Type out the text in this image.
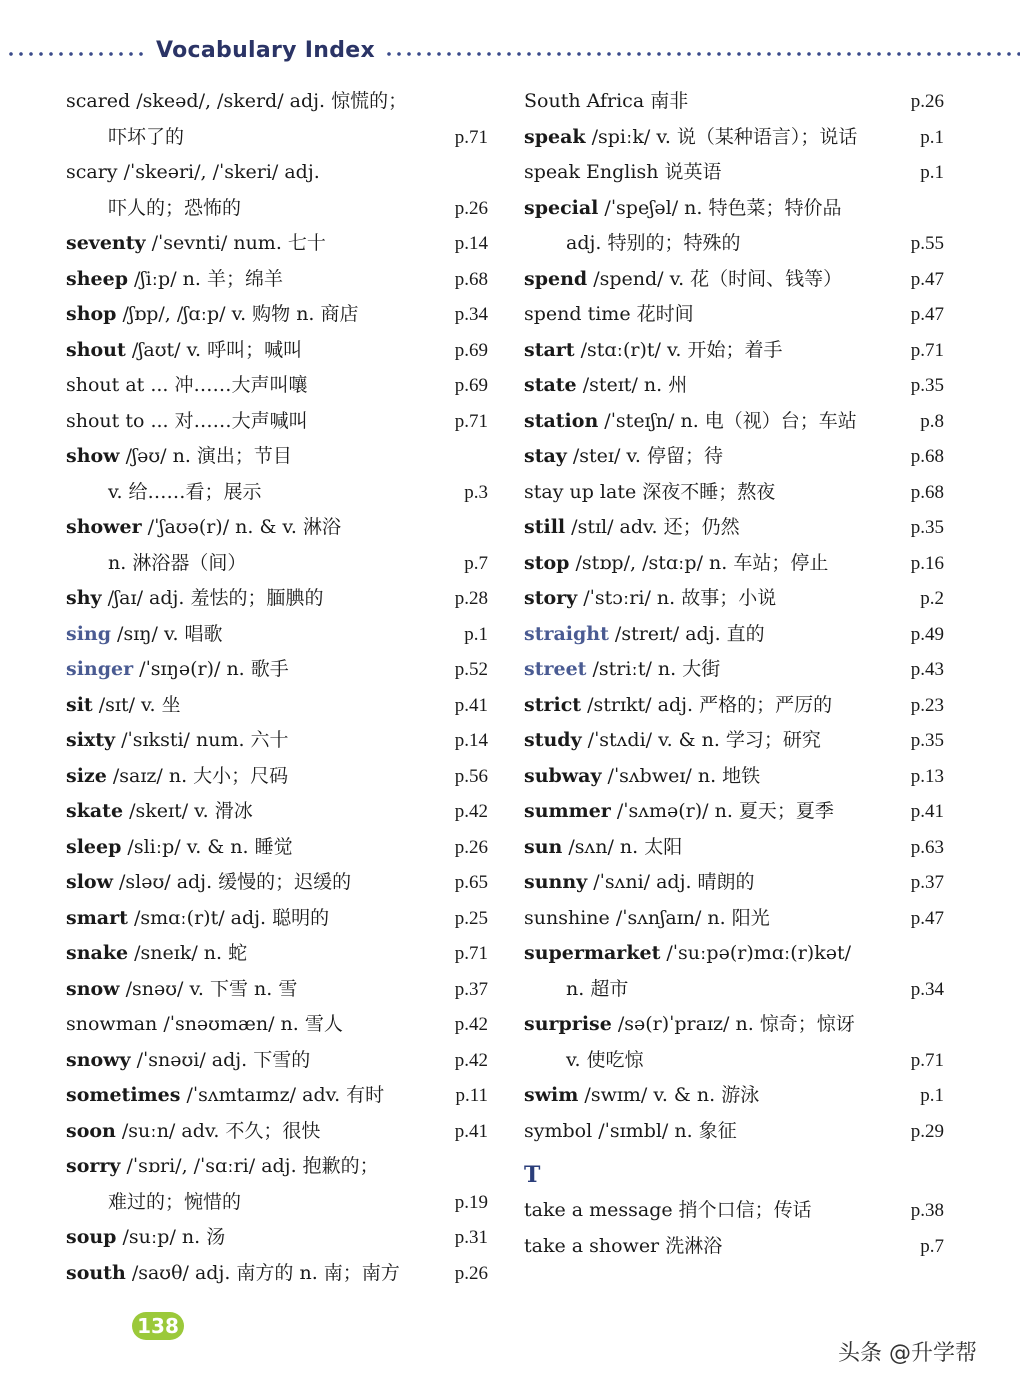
Vocabulary Index
scared /skeəd/, /skerd/ adj. 惊慌的；
吓坏了的	p.71
scary /ˈskeəri/, /ˈskeri/ adj.
吓人的；恐怖的	p.26
seventy /ˈsevnti/ num. 七十	p.14
sheep /ʃiːp/ n. 羊；绵羊	p.68
shop /ʃɒp/, /ʃɑːp/ v. 购物 n. 商店	p.34
shout /ʃaʊt/ v. 呼叫；喊叫	p.69
shout at ... 冲……大声叫嚷	p.69
shout to ... 对……大声喊叫	p.71
show /ʃəʊ/ n. 演出；节目
v. 给……看；展示	p.3
shower /ˈʃaʊə(r)/ n. & v. 淋浴
n. 淋浴器（间）	p.7
shy /ʃaɪ/ adj. 羞怯的；腼腆的	p.28
sing /sɪŋ/ v. 唱歌	p.1
singer /ˈsɪŋə(r)/ n. 歌手	p.52
sit /sɪt/ v. 坐	p.41
sixty /ˈsɪksti/ num. 六十	p.14
size /saɪz/ n. 大小；尺码	p.56
skate /skeɪt/ v. 滑冰	p.42
sleep /sliːp/ v. & n. 睡觉	p.26
slow /sləʊ/ adj. 缓慢的；迟缓的	p.65
smart /smɑː(r)t/ adj. 聪明的	p.25
snake /sneɪk/ n. 蛇	p.71
snow /snəʊ/ v. 下雪 n. 雪	p.37
snowman /ˈsnəʊmæn/ n. 雪人	p.42
snowy /ˈsnəʊi/ adj. 下雪的	p.42
sometimes /ˈsʌmtaɪmz/ adv. 有时	p.11
soon /suːn/ adv. 不久；很快	p.41
sorry /ˈsɒri/, /ˈsɑːri/ adj. 抱歉的；
难过的；惋惜的	p.19
soup /suːp/ n. 汤	p.31
south /saʊθ/ adj. 南方的 n. 南；南方	p.26
South Africa 南非	p.26
speak /spiːk/ v. 说（某种语言）；说话	p.1
speak English 说英语	p.1
special /ˈspeʃəl/ n. 特色菜；特价品
adj. 特别的；特殊的	p.55
spend /spend/ v. 花（时间、钱等）	p.47
spend time 花时间	p.47
start /stɑː(r)t/ v. 开始；着手	p.71
state /steɪt/ n. 州	p.35
station /ˈsteɪʃn/ n. 电（视）台；车站	p.8
stay /steɪ/ v. 停留；待	p.68
stay up late 深夜不睡；熬夜	p.68
still /stɪl/ adv. 还；仍然	p.35
stop /stɒp/, /stɑːp/ n. 车站；停止	p.16
story /ˈstɔːri/ n. 故事；小说	p.2
straight /streɪt/ adj. 直的	p.49
street /striːt/ n. 大街	p.43
strict /strɪkt/ adj. 严格的；严厉的	p.23
study /ˈstʌdi/ v. & n. 学习；研究	p.35
subway /ˈsʌbweɪ/ n. 地铁	p.13
summer /ˈsʌmə(r)/ n. 夏天；夏季	p.41
sun /sʌn/ n. 太阳	p.63
sunny /ˈsʌni/ adj. 晴朗的	p.37
sunshine /ˈsʌnʃaɪn/ n. 阳光	p.47
supermarket /ˈsuːpə(r)mɑː(r)kət/
n. 超市	p.34
surprise /sə(r)ˈpraɪz/ n. 惊奇；惊讶
v. 使吃惊	p.71
swim /swɪm/ v. & n. 游泳	p.1
symbol /ˈsɪmbl/ n. 象征	p.29
T
take a message 捎个口信；传话	p.38
take a shower 洗淋浴	p.7
138
头条 @升学帮
